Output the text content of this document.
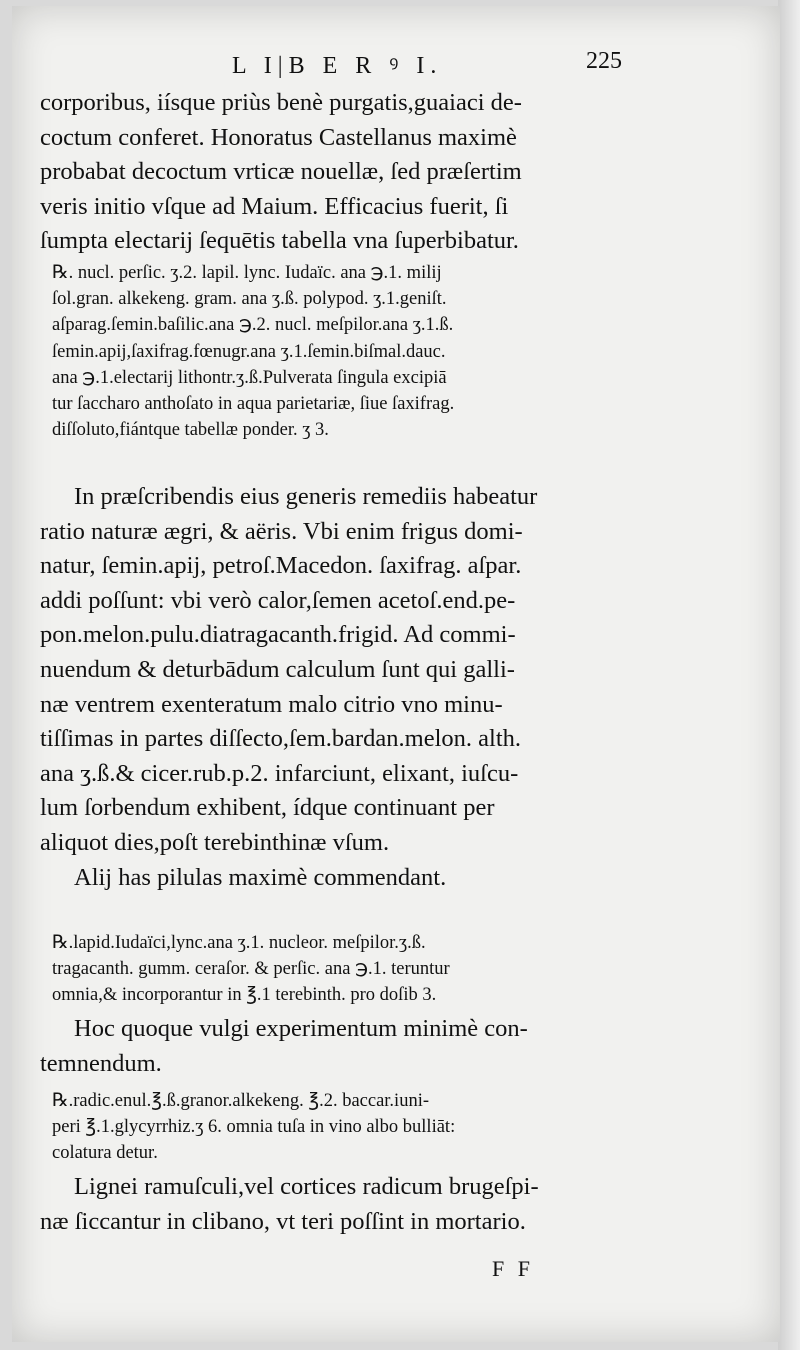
L I|B E R ꝰ I.	225
corporibus, iísque priùs benè purgatis,guaiaci de-
coctum conferet. Honoratus Castellanus maximè
probabat decoctum vrticæ nouellæ, ſed præſertim
veris initio vſque ad Maium. Efficacius fuerit, ſi
ſumpta electarij ſequētis tabella vna ſuperbibatur.
℞. nucl. perſic. ʒ.2. lapil. lync. Iudaïc. ana ℈.1. milij
ſol.gran. alkekeng. gram. ana ʒ.ß. polypod. ʒ.1.geniſt.
aſparag.ſemin.baſilic.ana ℈.2. nucl. meſpilor.ana ʒ.1.ß.
ſemin.apij,ſaxifrag.fœnugr.ana ʒ.1.ſemin.biſmal.dauc.
ana ℈.1.electarij lithontr.ʒ.ß.Pulverata ſingula excipiā
tur ſaccharo anthoſato in aqua parietariæ, ſiue ſaxifrag.
diſſoluto,fiántque tabellæ ponder. ʒ 3.
In præſcribendis eius generis remediis habeatur
ratio naturæ ægri, & aëris. Vbi enim frigus domi-
natur, ſemin.apij, petroſ.Macedon. ſaxifrag. aſpar.
addi poſſunt: vbi verò calor,ſemen acetoſ.end.pe-
pon.melon.pulu.diatragacanth.frigid. Ad commi-
nuendum & deturbādum calculum ſunt qui galli-
næ ventrem exenteratum malo citrio vno minu-
tiſſimas in partes diſſecto,ſem.bardan.melon. alth.
ana ʒ.ß.& cicer.rub.p.2. infarciunt, elixant, iuſcu-
lum ſorbendum exhibent, ídque continuant per
aliquot dies,poſt terebinthinæ vſum.
Alij has pilulas maximè commendant.
℞.lapid.Iudaïci,lync.ana ʒ.1. nucleor. meſpilor.ʒ.ß.
tragacanth. gumm. ceraſor. & perſic. ana ℈.1. teruntur
omnia,& incorporantur in ℥.1 terebinth. pro doſib 3.
Hoc quoque vulgi experimentum minimè con-
temnendum.
℞.radic.enul.℥.ß.granor.alkekeng. ℥.2. baccar.iuni-
peri ℥.1.glycyrrhiz.ʒ 6. omnia tuſa in vino albo bulliāt:
colatura detur.
Lignei ramuſculi,vel cortices radicum brugeſpi-
næ ſiccantur in clibano, vt teri poſſint in mortario.
F F
